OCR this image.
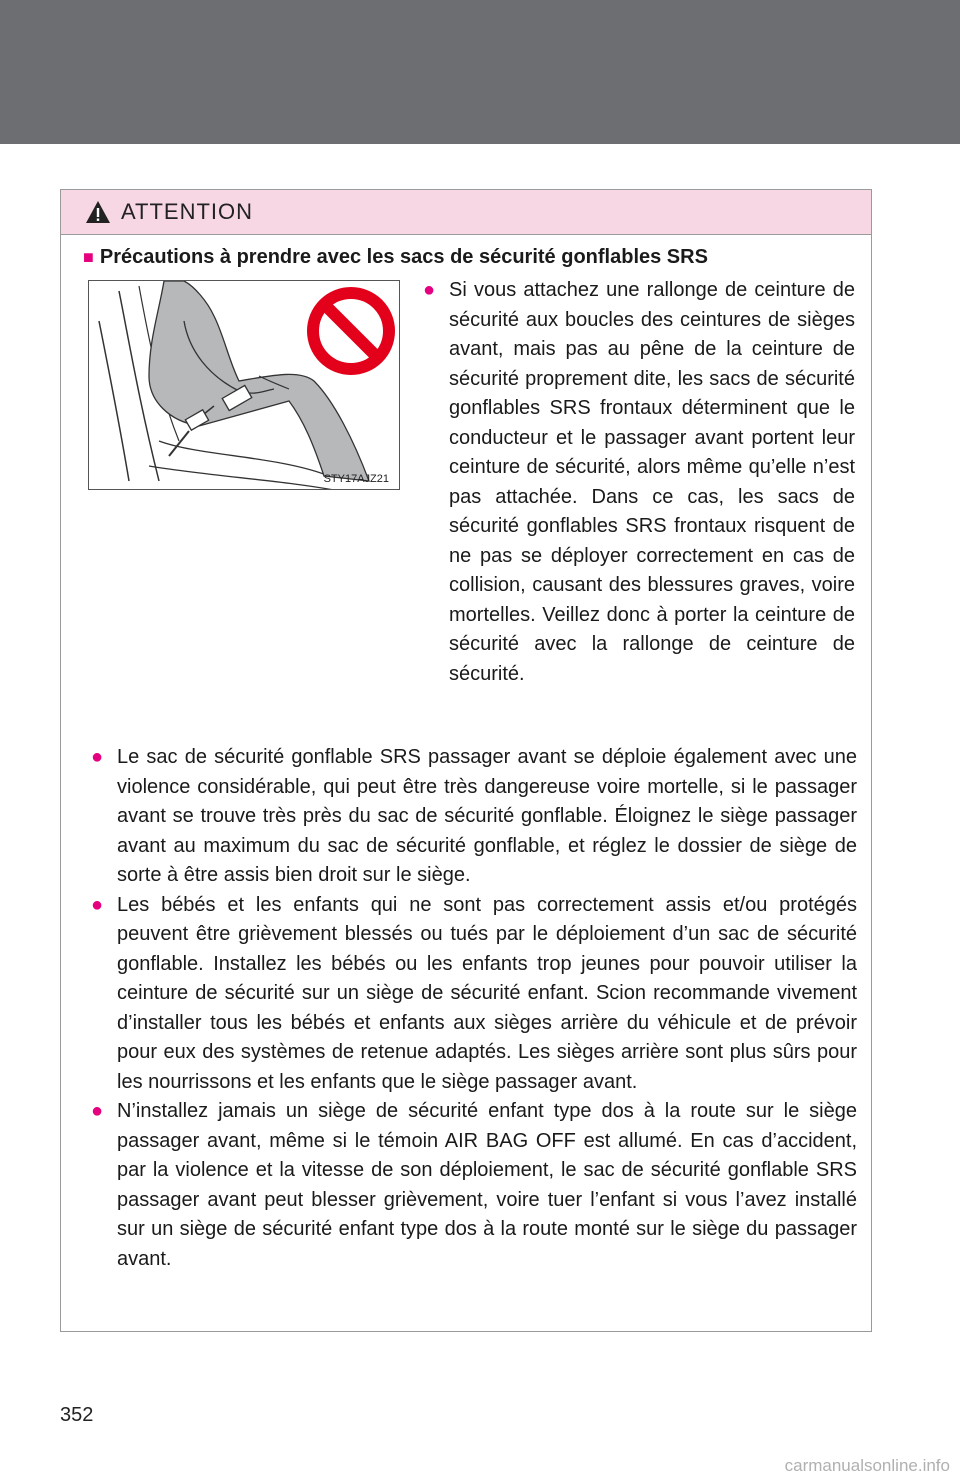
ATTENTION
■ Précautions à prendre avec les sacs de sécurité gonflables SRS
STY17AJZ21
● Si vous attachez une rallonge de ceinture de sécurité aux boucles des ceintures de sièges avant, mais pas au pêne de la ceinture de sécurité proprement dite, les sacs de sécurité gonflables SRS frontaux déterminent que le conducteur et le passager avant portent leur ceinture de sécurité, alors même qu’elle n’est pas attachée. Dans ce cas, les sacs de sécurité gonflables SRS frontaux risquent de ne pas se déployer correctement en cas de collision, causant des blessures graves, voire mortelles. Veillez donc à porter la ceinture de sécurité avec la rallonge de ceinture de sécurité.

● Le sac de sécurité gonflable SRS passager avant se déploie également avec une violence considérable, qui peut être très dangereuse voire mortelle, si le passager avant se trouve très près du sac de sécurité gonflable. Éloignez le siège passager avant au maximum du sac de sécurité gonflable, et réglez le dossier de siège de sorte à être assis bien droit sur le siège.

● Les bébés et les enfants qui ne sont pas correctement assis et/ou protégés peuvent être grièvement blessés ou tués par le déploiement d’un sac de sécurité gonflable. Installez les bébés ou les enfants trop jeunes pour pouvoir utiliser la ceinture de sécurité sur un siège de sécurité enfant. Scion recommande vivement d’installer tous les bébés et enfants aux sièges arrière du véhicule et de prévoir pour eux des systèmes de retenue adaptés. Les sièges arrière sont plus sûrs pour les nourrissons et les enfants que le siège passager avant.

● N’installez jamais un siège de sécurité enfant type dos à la route sur le siège passager avant, même si le témoin AIR BAG OFF est allumé. En cas d’accident, par la violence et la vitesse de son déploiement, le sac de sécurité gonflable SRS passager avant peut blesser grièvement, voire tuer l’enfant si vous l’avez installé sur un siège de sécurité enfant type dos à la route monté sur le siège du passager avant.

352
carmanualsonline.info
